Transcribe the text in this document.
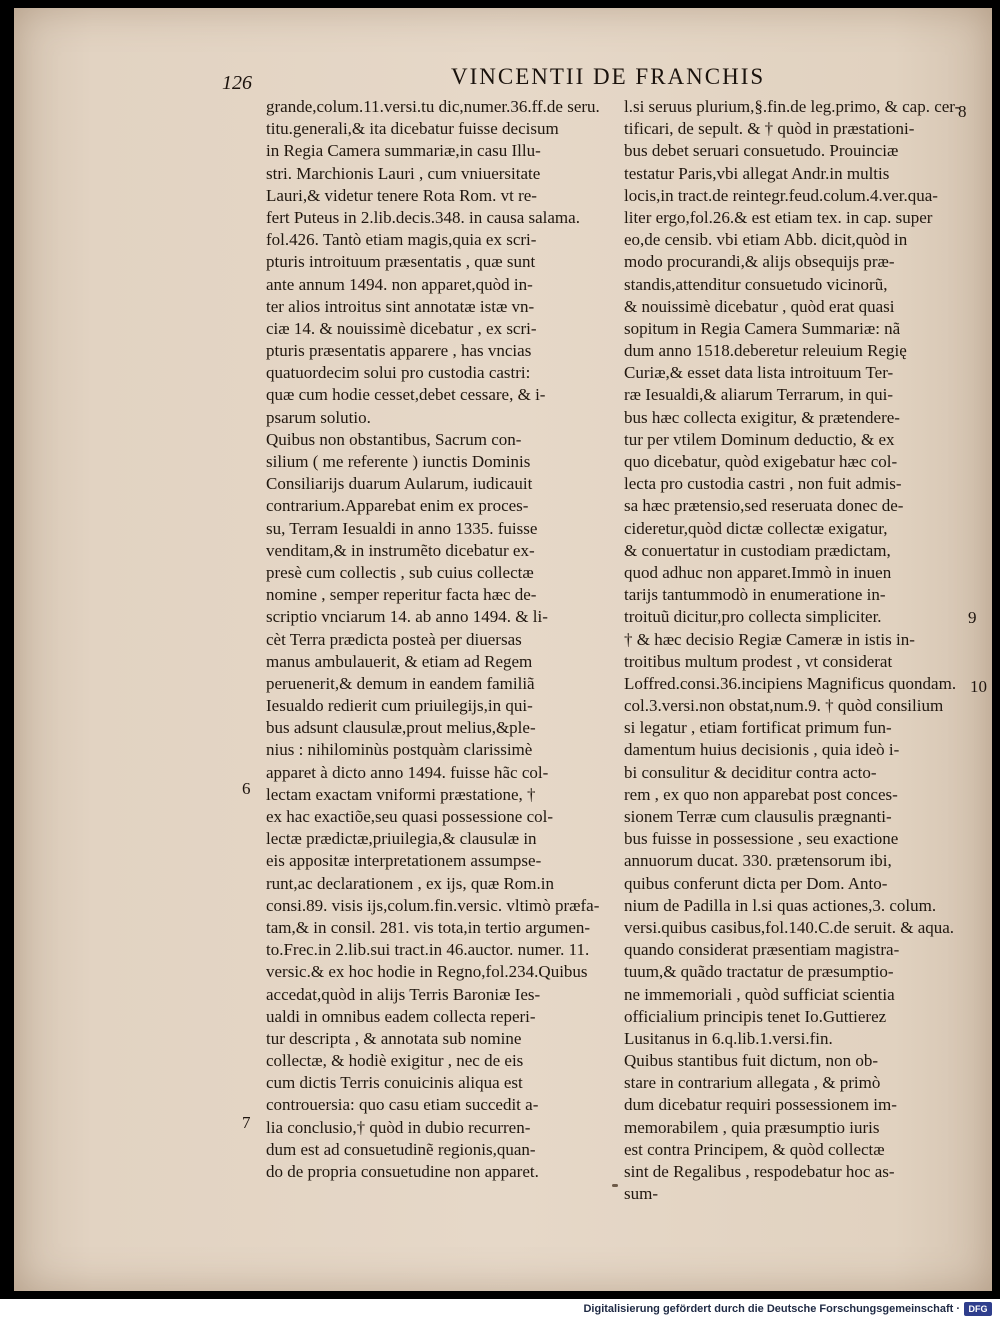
126	VINCENTII DE FRANCHIS
grande,colum.11.versi.tu dic,numer.36.ff.de seru.
titu.generali,& ita dicebatur fuisse decisum
in Regia Camera summariæ,in casu Illu-
stri. Marchionis Lauri , cum vniuersitate
Lauri,& videtur tenere Rota Rom. vt re-
fert Puteus in 2.lib.decis.348. in causa salama.
fol.426. Tantò etiam magis,quia ex scri-
pturis introituum præsentatis , quæ sunt
ante annum 1494. non apparet,quòd in-
ter alios introitus sint annotatæ istæ vn-
ciæ 14. & nouissimè dicebatur , ex scri-
pturis præsentatis apparere , has vncias
quatuordecim solui pro custodia castri:
quæ cum hodie cesset,debet cessare, & i-
psarum solutio.
Quibus non obstantibus, Sacrum con-
silium ( me referente ) iunctis Dominis
Consiliarijs duarum Aularum, iudicauit
contrarium.Apparebat enim ex proces-
su, Terram Iesualdi in anno 1335. fuisse
venditam,& in instrumẽto dicebatur ex-
presè cum collectis , sub cuius collectæ
nomine , semper reperitur facta hæc de-
scriptio vnciarum 14. ab anno 1494. & li-
cèt Terra prædicta posteà per diuersas
manus ambulauerit, & etiam ad Regem
peruenerit,& demum in eandem familiã
Iesualdo redierit cum priuilegijs,in qui-
bus adsunt clausulæ,prout melius,&ple-
nius : nihilominùs postquàm clarissimè
apparet à dicto anno 1494. fuisse hãc col-
lectam exactam vniformi præstatione, †
ex hac exactiõe,seu quasi possessione col-
lectæ prædictæ,priuilegia,& clausulæ in
eis appositæ interpretationem assumpse-
runt,ac declarationem , ex ijs, quæ Rom.in
consi.89. visis ijs,colum.fin.versic. vltimò præfa-
tam,& in consil. 281. vis tota,in tertio argumen-
to.Frec.in 2.lib.sui tract.in 46.auctor. numer. 11.
versic.& ex hoc hodie in Regno,fol.234.Quibus
accedat,quòd in alijs Terris Baroniæ Ies-
ualdi in omnibus eadem collecta reperi-
tur descripta , & annotata sub nomine
collectæ, & hodiè exigitur , nec de eis
cum dictis Terris conuicinis aliqua est
controuersia: quo casu etiam succedit a-
lia conclusio,† quòd in dubio recurren-
dum est ad consuetudinẽ regionis,quan-
do de propria consuetudine non apparet.
l.si seruus plurium,§.fin.de leg.primo, & cap. cer-
tificari, de sepult. & † quòd in præstationi-
bus debet seruari consuetudo. Prouinciæ
testatur Paris,vbi allegat Andr.in multis
locis,in tract.de reintegr.feud.colum.4.ver.qua-
liter ergo,fol.26.& est etiam tex. in cap. super
eo,de censib. vbi etiam Abb. dicit,quòd in
modo procurandi,& alijs obsequijs præ-
standis,attenditur consuetudo vicinorũ,
& nouissimè dicebatur , quòd erat quasi
sopitum in Regia Camera Summariæ: nã
dum anno 1518.deberetur releuium Regię
Curiæ,& esset data lista introituum Ter-
ræ Iesualdi,& aliarum Terrarum, in qui-
bus hæc collecta exigitur, & prætendere-
tur per vtilem Dominum deductio, & ex
quo dicebatur, quòd exigebatur hæc col-
lecta pro custodia castri , non fuit admis-
sa hæc prætensio,sed reseruata donec de-
cideretur,quòd dictæ collectæ exigatur,
& conuertatur in custodiam prædictam,
quod adhuc non apparet.Immò in inuen
tarijs tantummodò in enumeratione in-
troituũ dicitur,pro collecta simpliciter.
† & hæc decisio Regiæ Cameræ in istis in-
troitibus multum prodest , vt considerat
Loffred.consi.36.incipiens Magnificus quondam.
col.3.versi.non obstat,num.9. † quòd consilium
si legatur , etiam fortificat primum fun-
damentum huius decisionis , quia ideò i-
bi consulitur & deciditur contra acto-
rem , ex quo non apparebat post conces-
sionem Terræ cum clausulis prægnanti-
bus fuisse in possessione , seu exactione
annuorum ducat. 330. prætensorum ibi,
quibus conferunt dicta per Dom. Anto-
nium de Padilla in l.si quas actiones,3. colum.
versi.quibus casibus,fol.140.C.de seruit. & aqua.
quando considerat præsentiam magistra-
tuum,& quãdo tractatur de præsumptio-
ne immemoriali , quòd sufficiat scientia
officialium principis tenet Io.Guttierez
Lusitanus in 6.q.lib.1.versi.fin.
Quibus stantibus fuit dictum, non ob-
stare in contrarium allegata , & primò
dum dicebatur requiri possessionem im-
memorabilem , quia præsumptio iuris
est contra Principem, & quòd collectæ
sint de Regalibus , respodebatur hoc as-
sum-
6
7
8
9
10
Digitalisierung gefördert durch die Deutsche Forschungsgemeinschaft · DFG
